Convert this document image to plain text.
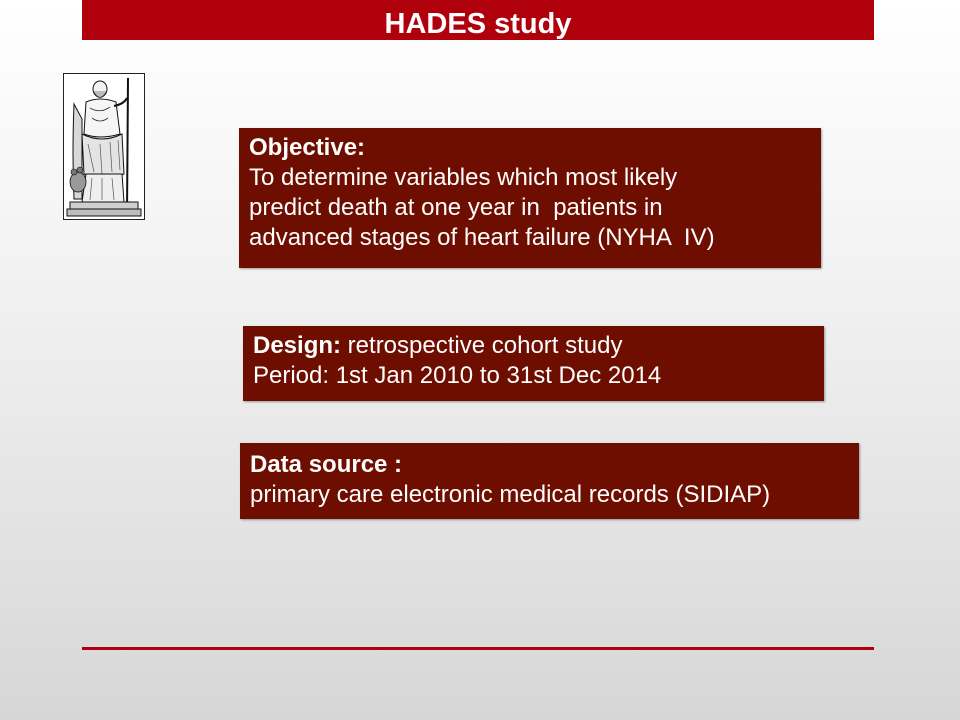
HADES study
Objective:
To determine variables which most likely
predict death at one year in  patients in
advanced stages of heart failure (NYHA  IV)
Design: retrospective cohort study
Period: 1st Jan 2010 to 31st Dec 2014
Data source :
primary care electronic medical records (SIDIAP)
